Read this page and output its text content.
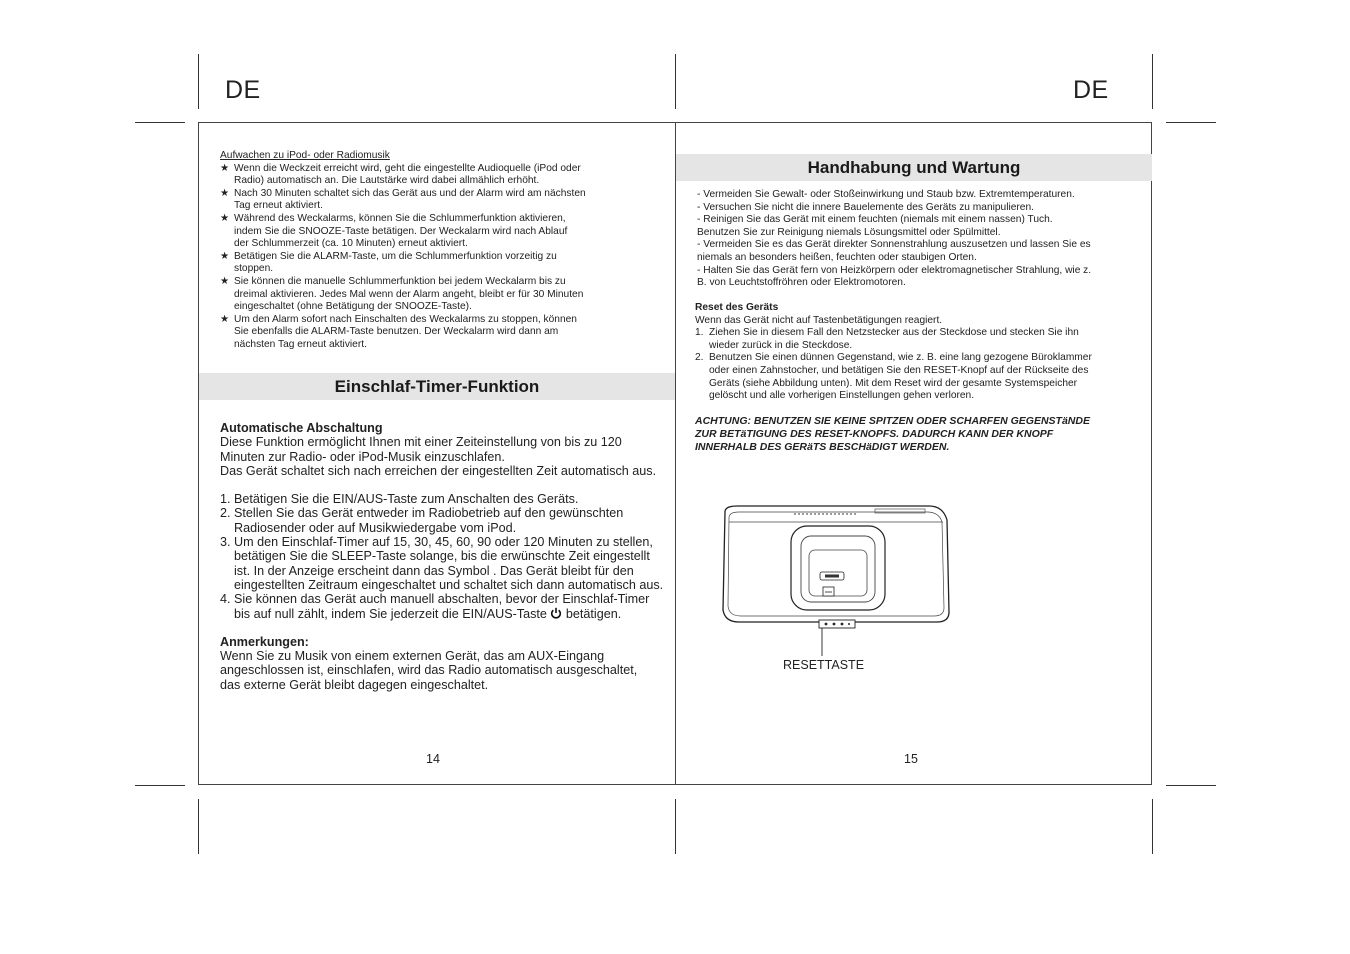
DE	DE
Aufwachen zu iPod- oder Radiomusik
★ Wenn die Weckzeit erreicht wird, geht die eingestellte Audioquelle (iPod oder
Radio) automatisch an. Die Lautstärke wird dabei allmählich erhöht.
★ Nach 30 Minuten schaltet sich das Gerät aus und der Alarm wird am nächsten
Tag erneut aktiviert.
★ Während des Weckalarms, können Sie die Schlummerfunktion aktivieren,
indem Sie die SNOOZE-Taste betätigen. Der Weckalarm wird nach Ablauf
der Schlummerzeit (ca. 10 Minuten) erneut aktiviert.
★ Betätigen Sie die ALARM-Taste, um die Schlummerfunktion vorzeitig zu
stoppen.
★ Sie können die manuelle Schlummerfunktion bei jedem Weckalarm bis zu
dreimal aktivieren. Jedes Mal wenn der Alarm angeht, bleibt er für 30 Minuten
eingeschaltet (ohne Betätigung der SNOOZE-Taste).
★ Um den Alarm sofort nach Einschalten des Weckalarms zu stoppen, können
Sie ebenfalls die ALARM-Taste benutzen. Der Weckalarm wird dann am
nächsten Tag erneut aktiviert.
Einschlaf-Timer-Funktion
Automatische Abschaltung
Diese Funktion ermöglicht Ihnen mit einer Zeiteinstellung von bis zu 120
Minuten zur Radio- oder iPod-Musik einzuschlafen.
Das Gerät schaltet sich nach erreichen der eingestellten Zeit automatisch aus.
1. Betätigen Sie die EIN/AUS-Taste zum Anschalten des Geräts.
2. Stellen Sie das Gerät entweder im Radiobetrieb auf den gewünschten
Radiosender oder auf Musikwiedergabe vom iPod.
3. Um den Einschlaf-Timer auf 15, 30, 45, 60, 90 oder 120 Minuten zu stellen,
betätigen Sie die SLEEP-Taste solange, bis die erwünschte Zeit eingestellt
ist. In der Anzeige erscheint dann das Symbol . Das Gerät bleibt für den
eingestellten Zeitraum eingeschaltet und schaltet sich dann automatisch aus.
4. Sie können das Gerät auch manuell abschalten, bevor der Einschlaf-Timer
bis auf null zählt, indem Sie jederzeit die EIN/AUS-Taste betätigen.
Anmerkungen:
Wenn Sie zu Musik von einem externen Gerät, das am AUX-Eingang
angeschlossen ist, einschlafen, wird das Radio automatisch ausgeschaltet,
das externe Gerät bleibt dagegen eingeschaltet.
14
Handhabung und Wartung
- Vermeiden Sie Gewalt- oder Stoßeinwirkung und Staub bzw. Extremtemperaturen.
- Versuchen Sie nicht die innere Bauelemente des Geräts zu manipulieren.
- Reinigen Sie das Gerät mit einem feuchten (niemals mit einem nassen) Tuch.
Benutzen Sie zur Reinigung niemals Lösungsmittel oder Spülmittel.
- Vermeiden Sie es das Gerät direkter Sonnenstrahlung auszusetzen und lassen Sie es
niemals an besonders heißen, feuchten oder staubigen Orten.
- Halten Sie das Gerät fern von Heizkörpern oder elektromagnetischer Strahlung, wie z.
B. von Leuchtstoffröhren oder Elektromotoren.
Reset des Geräts
Wenn das Gerät nicht auf Tastenbetätigungen reagiert.
1. Ziehen Sie in diesem Fall den Netzstecker aus der Steckdose und stecken Sie ihn
wieder zurück in die Steckdose.
2. Benutzen Sie einen dünnen Gegenstand, wie z. B. eine lang gezogene Büroklammer
oder einen Zahnstocher, und betätigen Sie den RESET-Knopf auf der Rückseite des
Geräts (siehe Abbildung unten). Mit dem Reset wird der gesamte Systemspeicher
gelöscht und alle vorherigen Einstellungen gehen verloren.
ACHTUNG: BENUTZEN SIE KEINE SPITZEN ODER SCHARFEN GEGENSTäNDE
ZUR BETäTIGUNG DES RESET-KNOPFS. DADURCH KANN DER KNOPF
INNERHALB DES GERäTS BESCHäDIGT WERDEN.
RESETTASTE
15
